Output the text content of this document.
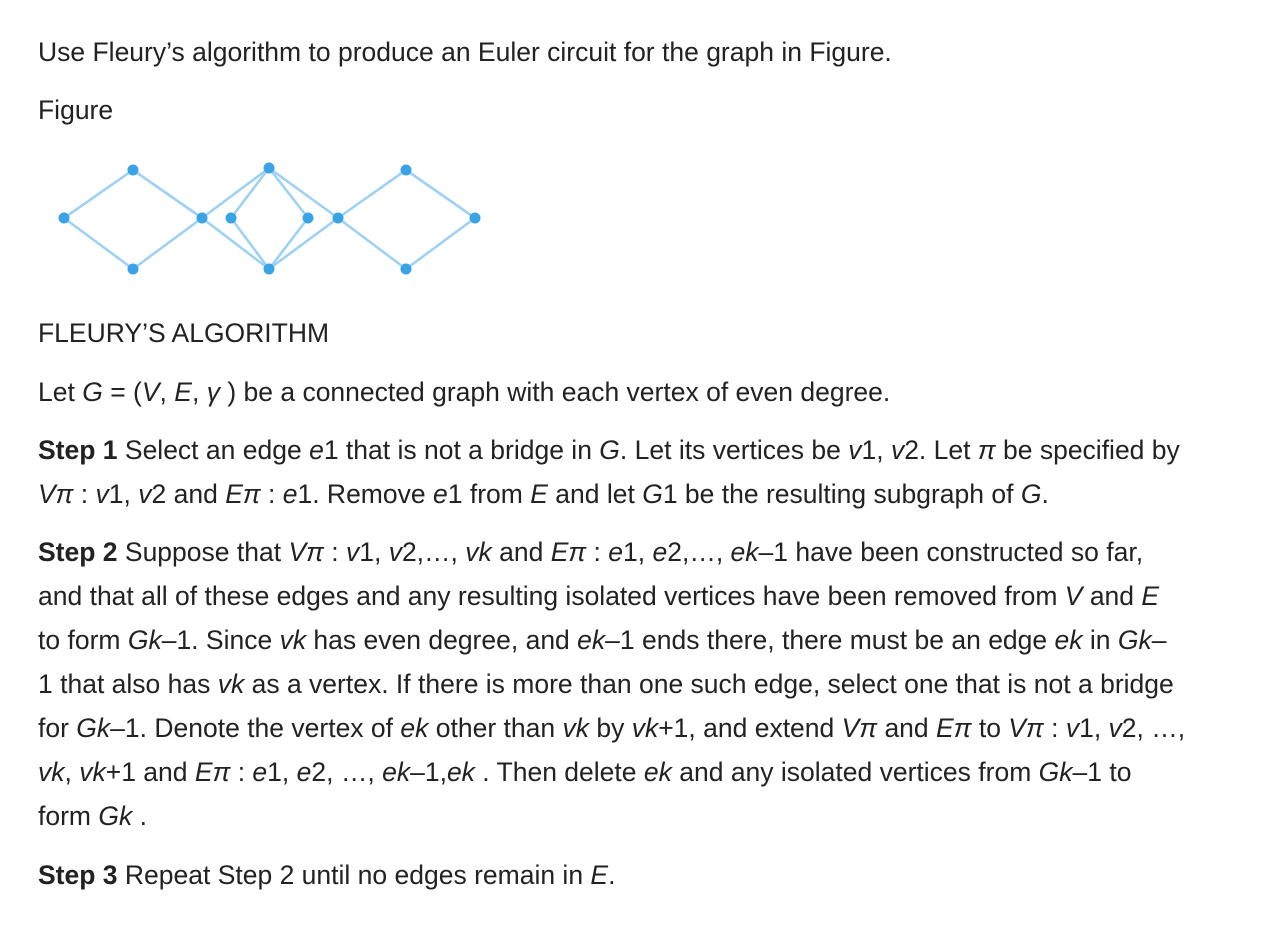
Use Fleury’s algorithm to produce an Euler circuit for the graph in Figure.

Figure

FLEURY’S ALGORITHM

Let G = (V, E, γ ) be a connected graph with each vertex of even degree.

Step 1 Select an edge e1 that is not a bridge in G. Let its vertices be v1, v2. Let π be specified by
Vπ : v1, v2 and Eπ : e1. Remove e1 from E and let G1 be the resulting subgraph of G.
Step 2 Suppose that Vπ : v1, v2,…, vk and Eπ : e1, e2,…, ek–1 have been constructed so far,
and that all of these edges and any resulting isolated vertices have been removed from V and E
to form Gk–1. Since vk has even degree, and ek–1 ends there, there must be an edge ek in Gk–
1 that also has vk as a vertex. If there is more than one such edge, select one that is not a bridge
for Gk–1. Denote the vertex of ek other than vk by vk+1, and extend Vπ and Eπ to Vπ : v1, v2, …,
vk, vk+1 and Eπ : e1, e2, …, ek–1,ek . Then delete ek and any isolated vertices from Gk–1 to
form Gk .

Step 3 Repeat Step 2 until no edges remain in E.
